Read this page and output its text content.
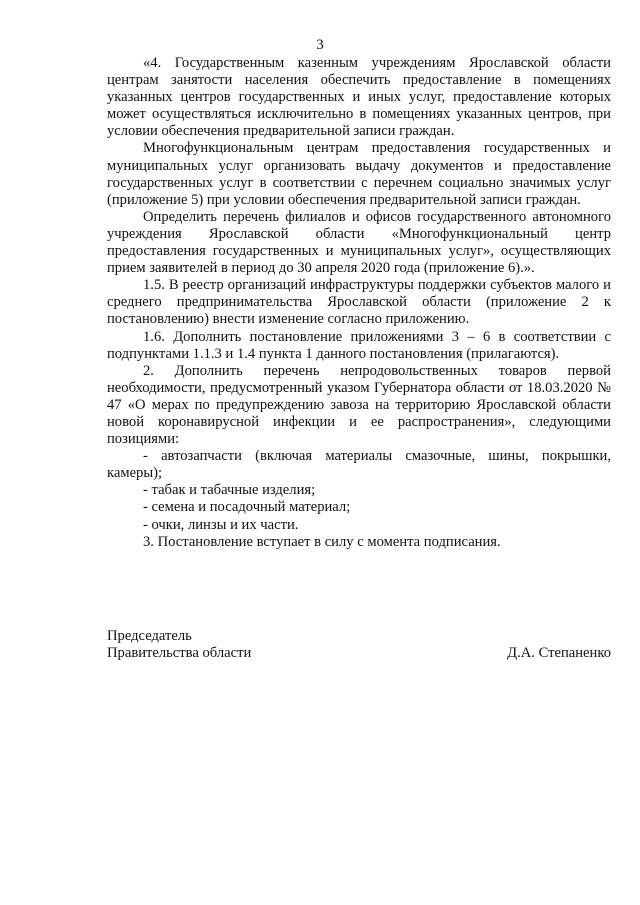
3

«4. Государственным казенным учреждениям Ярославской области центрам занятости населения обеспечить предоставление в помещениях указанных центров государственных и иных услуг, предоставление которых может осуществляться исключительно в помещениях указанных центров, при условии обеспечения предварительной записи граждан.

Многофункциональным центрам предоставления государственных и муниципальных услуг организовать выдачу документов и предоставление государственных услуг в соответствии с перечнем социально значимых услуг (приложение 5) при условии обеспечения предварительной записи граждан.

Определить перечень филиалов и офисов государственного автономного учреждения Ярославской области «Многофункциональный центр предоставления государственных и муниципальных услуг», осуществляющих прием заявителей в период до 30 апреля 2020 года (приложение 6).».

1.5. В реестр организаций инфраструктуры поддержки субъектов малого и среднего предпринимательства Ярославской области (приложение 2 к постановлению) внести изменение согласно приложению.

1.6. Дополнить постановление приложениями 3 – 6 в соответствии с подпунктами 1.1.3 и 1.4 пункта 1 данного постановления (прилагаются).

2. Дополнить перечень непродовольственных товаров первой необходимости, предусмотренный указом Губернатора области от 18.03.2020 № 47 «О мерах по предупреждению завоза на территорию Ярославской области новой коронавирусной инфекции и ее распространения», следующими позициями:

- автозапчасти (включая материалы смазочные, шины, покрышки, камеры);

- табак и табачные изделия;

- семена и посадочный материал;

- очки, линзы и их части.

3. Постановление вступает в силу с момента подписания.

Председатель
Правительства области	Д.А. Степаненко
